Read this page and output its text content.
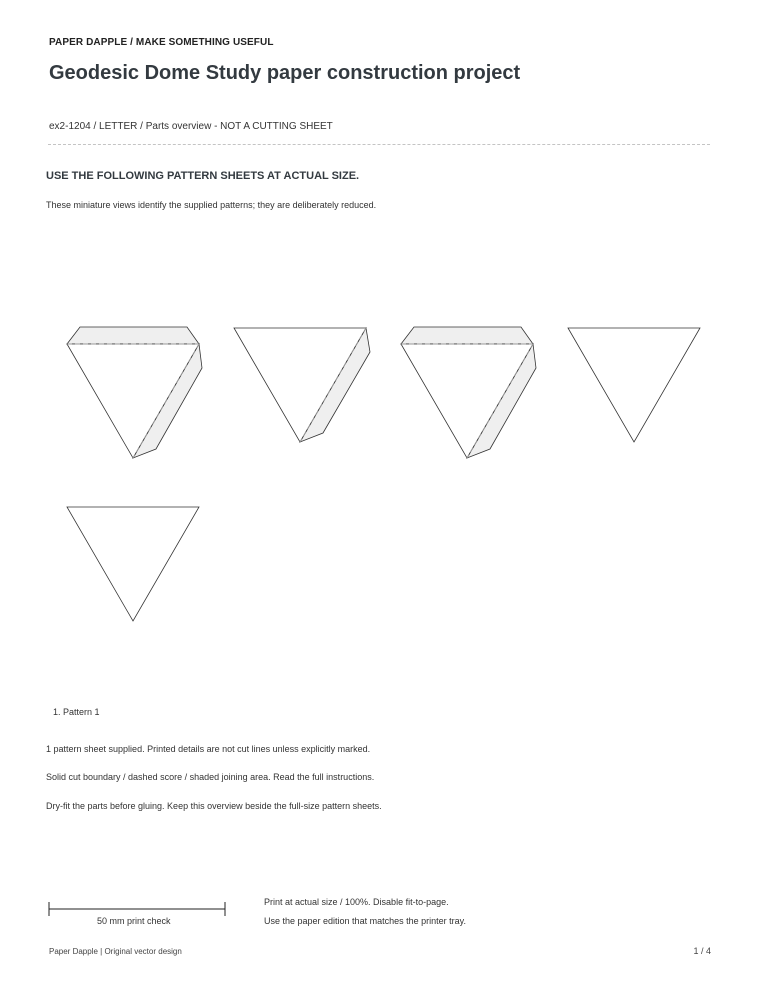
PAPER DAPPLE / MAKE SOMETHING USEFUL
Geodesic Dome Study paper construction project
ex2-1204 / LETTER / Parts overview - NOT A CUTTING SHEET
USE THE FOLLOWING PATTERN SHEETS AT ACTUAL SIZE.
These miniature views identify the supplied patterns; they are deliberately reduced.
1. Pattern 1
1 pattern sheet supplied. Printed details are not cut lines unless explicitly marked.
Solid cut boundary / dashed score / shaded joining area. Read the full instructions.
Dry-fit the parts before gluing. Keep this overview beside the full-size pattern sheets.
50 mm print check
Print at actual size / 100%. Disable fit-to-page.
Use the paper edition that matches the printer tray.
Paper Dapple | Original vector design	1 / 4
